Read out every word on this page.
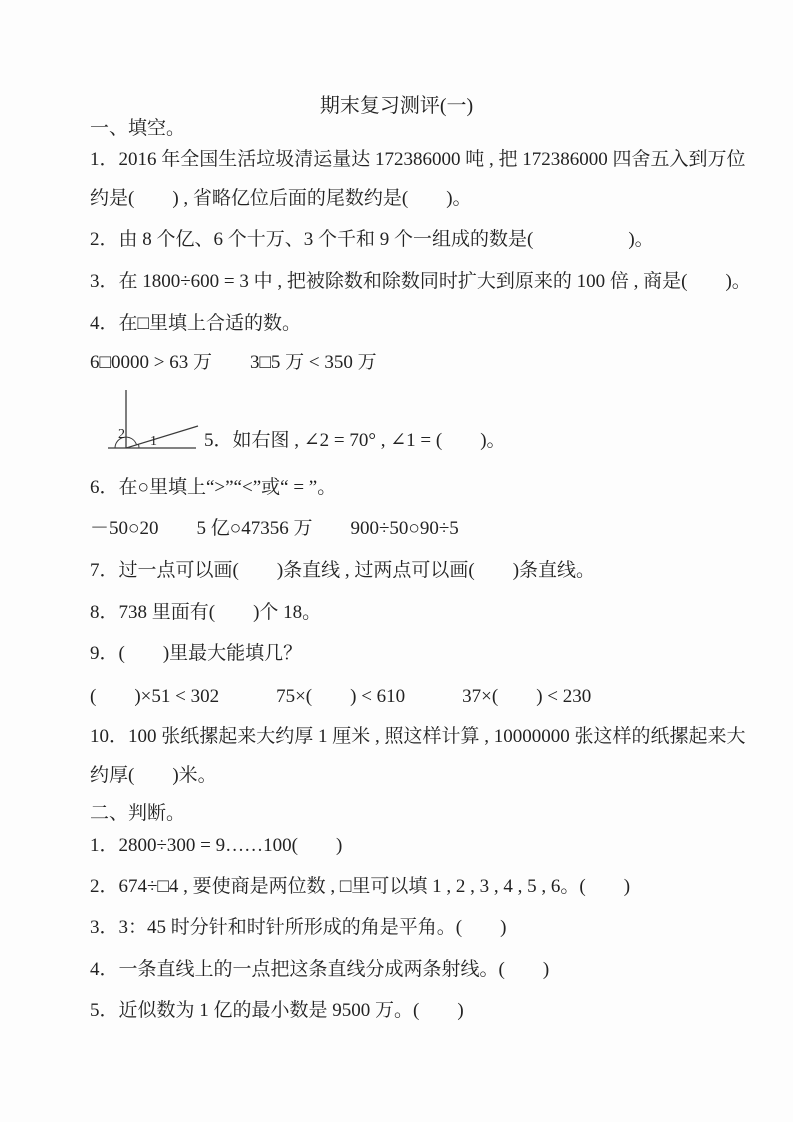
期末复习测评(一)
一、填空。
1．2016 年全国生活垃圾清运量达 172386000 吨 , 把 172386000 四舍五入到万位
约是(　　) , 省略亿位后面的尾数约是(　　)。
2．由 8 个亿、6 个十万、3 个千和 9 个一组成的数是(　　　　　)。
3．在 1800÷600 = 3 中 , 把被除数和除数同时扩大到原来的 100 倍 , 商是(　　)。
4．在□里填上合适的数。
6□0000 > 63 万　　3□5 万 < 350 万
2 1 5．如右图 , ∠2 = 70° , ∠1 = (　　)。
6．在○里填上“>”“<”或“ = ”。
－50○20　　5 亿○47356 万　　900÷50○90÷5
7．过一点可以画(　　)条直线 , 过两点可以画(　　)条直线。
8．738 里面有(　　)个 18。
9．(　　)里最大能填几？
(　　)×51 < 302　　　75×(　　) < 610　　　37×(　　) < 230
10．100 张纸摞起来大约厚 1 厘米 , 照这样计算 , 10000000 张这样的纸摞起来大
约厚(　　)米。
二、判断。
1．2800÷300 = 9……100(　　)
2．674÷□4 , 要使商是两位数 , □里可以填 1 , 2 , 3 , 4 , 5 , 6。(　　)
3．3：45 时分针和时针所形成的角是平角。(　　)
4．一条直线上的一点把这条直线分成两条射线。(　　)
5．近似数为 1 亿的最小数是 9500 万。(　　)
